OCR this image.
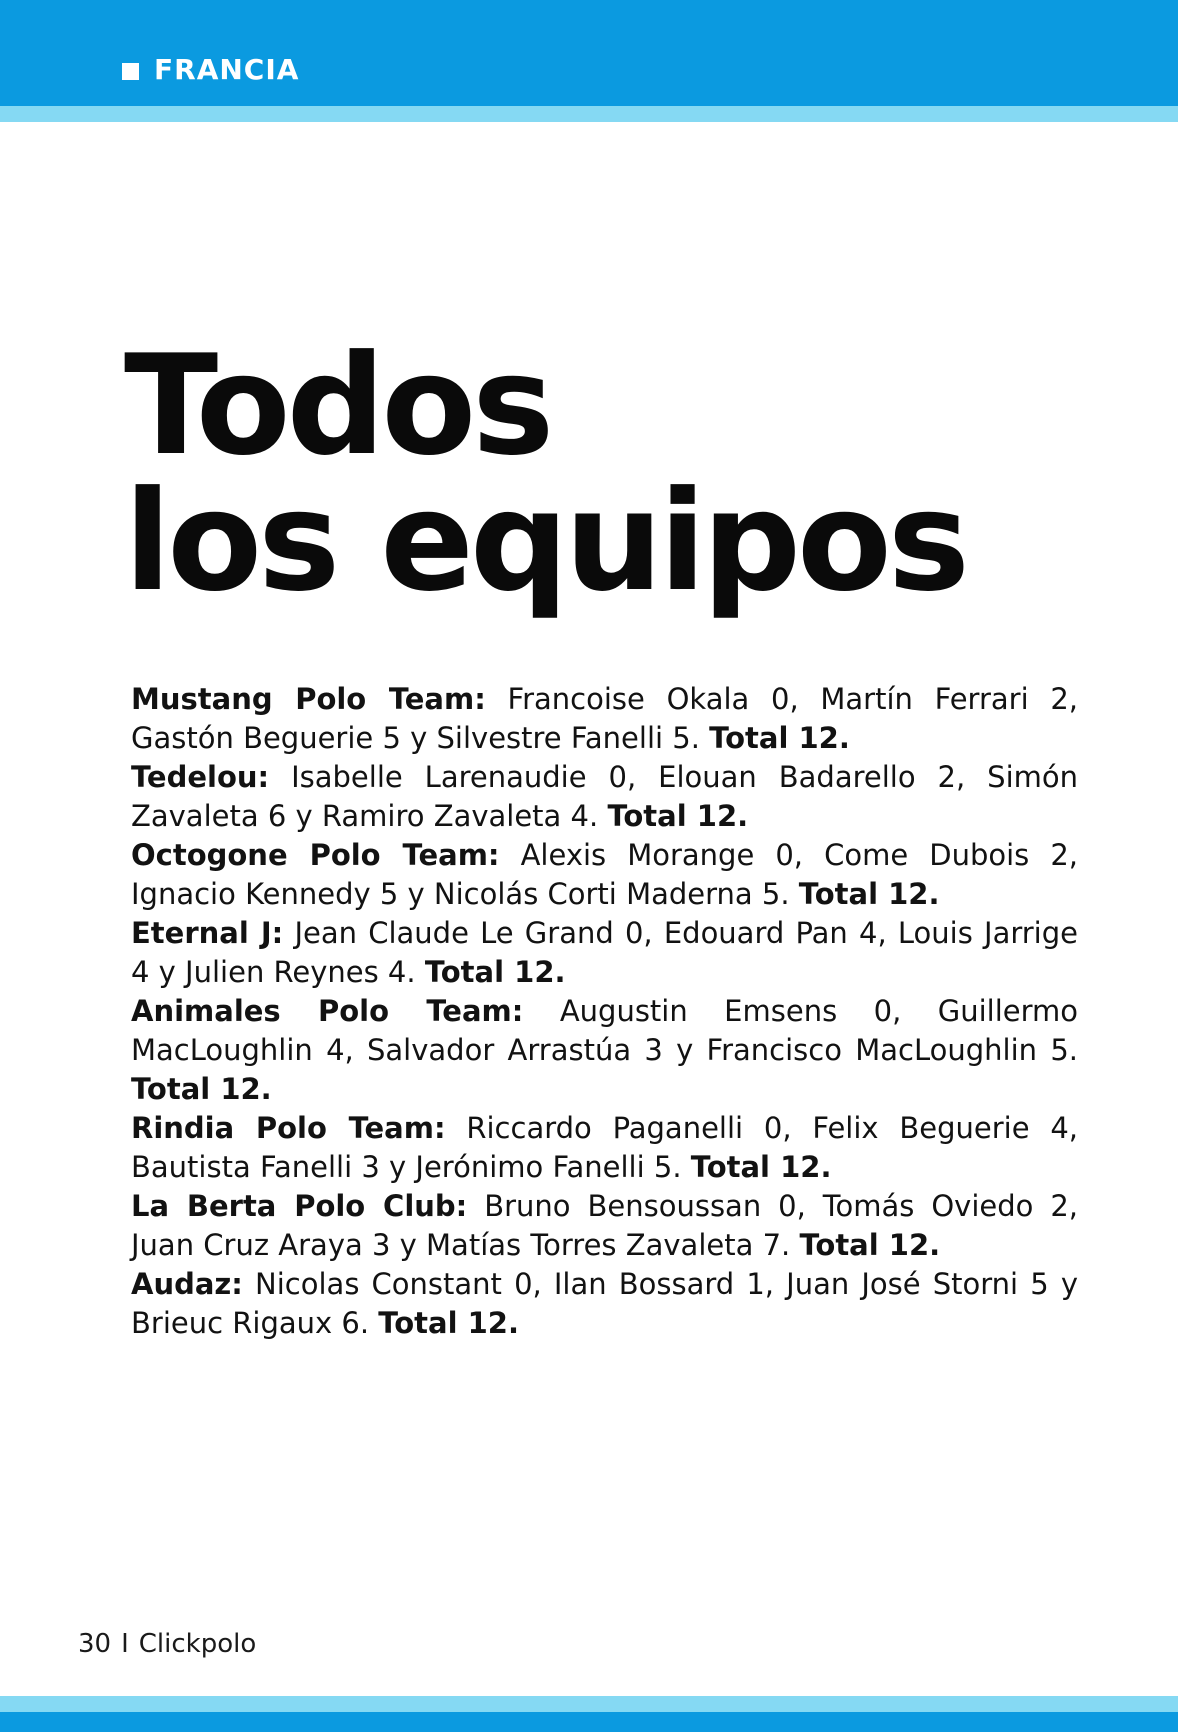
FRANCIA
Todos
los equipos

Mustang Polo Team: Francoise Okala 0, Martín Ferrari 2, Gastón Beguerie 5 y Silvestre Fanelli 5. Total 12.

Tedelou: Isabelle Larenaudie 0, Elouan Badarello 2, Simón Zavaleta 6 y Ramiro Zavaleta 4. Total 12.

Octogone Polo Team: Alexis Morange 0, Come Dubois 2, Ignacio Kennedy 5 y Nicolás Corti Maderna 5. Total 12.

Eternal J: Jean Claude Le Grand 0, Edouard Pan 4, Louis Jarrige 4 y Julien Reynes 4. Total 12.

Animales Polo Team: Augustin Emsens 0, Guillermo MacLoughlin 4, Salvador Arrastúa 3 y Francisco MacLoughlin 5. Total 12.

Rindia Polo Team: Riccardo Paganelli 0, Felix Beguerie 4, Bautista Fanelli 3 y Jerónimo Fanelli 5. Total 12.

La Berta Polo Club: Bruno Bensoussan 0, Tomás Oviedo 2, Juan Cruz Araya 3 y Matías Torres Zavaleta 7. Total 12.

Audaz: Nicolas Constant 0, Ilan Bossard 1, Juan José Storni 5 y Brieuc Rigaux 6. Total 12.

30 I Clickpolo
